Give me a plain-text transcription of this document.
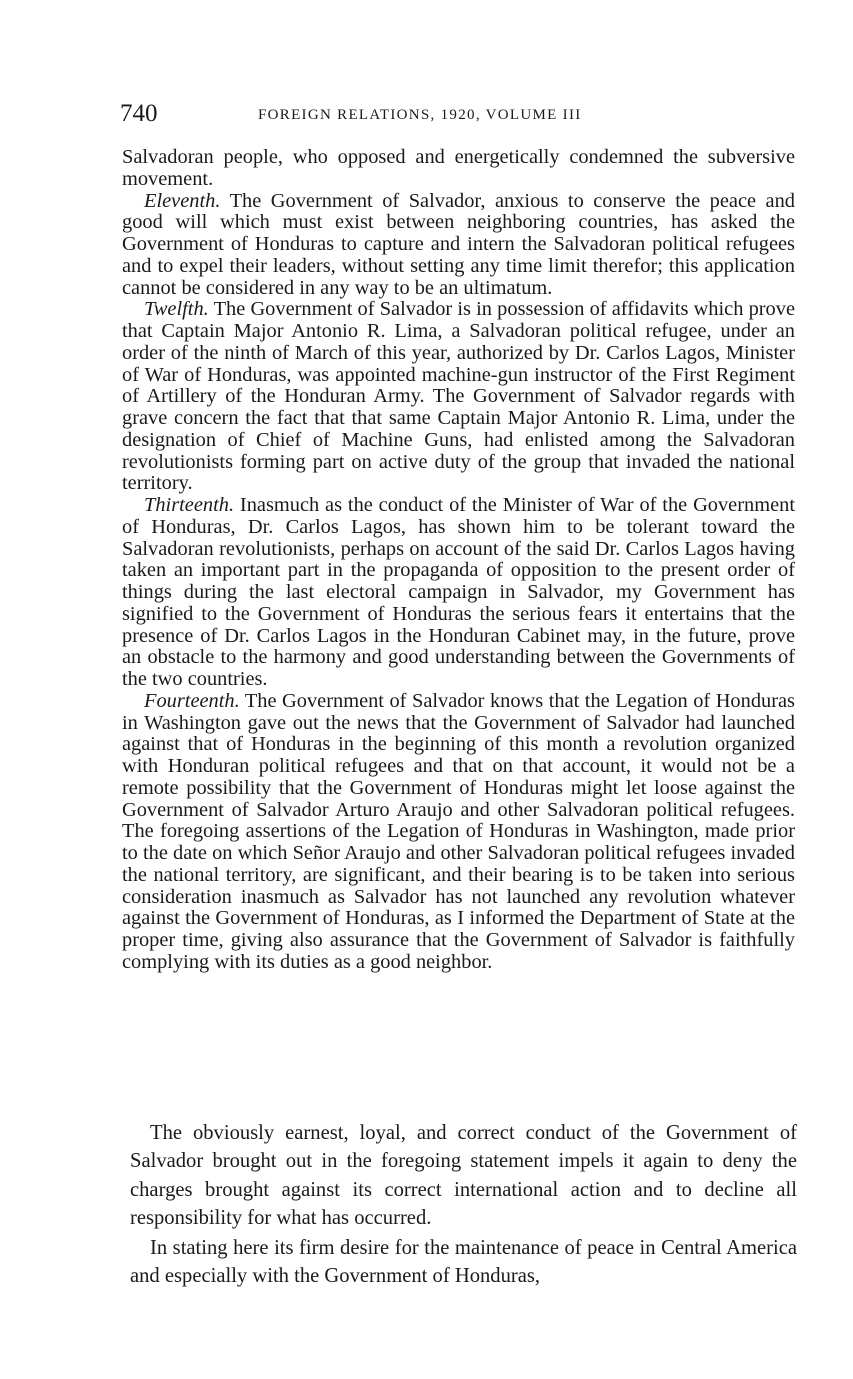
740	FOREIGN RELATIONS, 1920, VOLUME III

Salvadoran people, who opposed and energetically condemned the subversive movement.

Eleventh. The Government of Salvador, anxious to conserve the peace and good will which must exist between neighboring countries, has asked the Government of Honduras to capture and intern the Salvadoran political refugees and to expel their leaders, without setting any time limit therefor; this application cannot be considered in any way to be an ultimatum.

Twelfth. The Government of Salvador is in possession of affidavits which prove that Captain Major Antonio R. Lima, a Salvadoran political refugee, under an order of the ninth of March of this year, authorized by Dr. Carlos Lagos, Minister of War of Honduras, was appointed machine-gun instructor of the First Regiment of Artillery of the Honduran Army. The Government of Salvador regards with grave concern the fact that that same Captain Major Antonio R. Lima, under the designation of Chief of Machine Guns, had enlisted among the Salvadoran revolutionists forming part on active duty of the group that invaded the national territory.

Thirteenth. Inasmuch as the conduct of the Minister of War of the Government of Honduras, Dr. Carlos Lagos, has shown him to be tolerant toward the Salvadoran revolutionists, perhaps on account of the said Dr. Carlos Lagos having taken an important part in the propaganda of opposition to the present order of things during the last electoral campaign in Salvador, my Government has signified to the Government of Honduras the serious fears it entertains that the presence of Dr. Carlos Lagos in the Honduran Cabinet may, in the future, prove an obstacle to the harmony and good understanding between the Governments of the two countries.

Fourteenth. The Government of Salvador knows that the Legation of Honduras in Washington gave out the news that the Government of Salvador had launched against that of Honduras in the beginning of this month a revolution organized with Honduran political refugees and that on that account, it would not be a remote possibility that the Government of Honduras might let loose against the Government of Salvador Arturo Araujo and other Salvadoran political refugees. The foregoing assertions of the Legation of Honduras in Washington, made prior to the date on which Señor Araujo and other Salvadoran political refugees invaded the national territory, are significant, and their bearing is to be taken into serious consideration inasmuch as Salvador has not launched any revolution whatever against the Government of Honduras, as I informed the Department of State at the proper time, giving also assurance that the Government of Salvador is faithfully complying with its duties as a good neighbor.

The obviously earnest, loyal, and correct conduct of the Government of Salvador brought out in the foregoing statement impels it again to deny the charges brought against its correct international action and to decline all responsibility for what has occurred.

In stating here its firm desire for the maintenance of peace in Central America and especially with the Government of Honduras,
